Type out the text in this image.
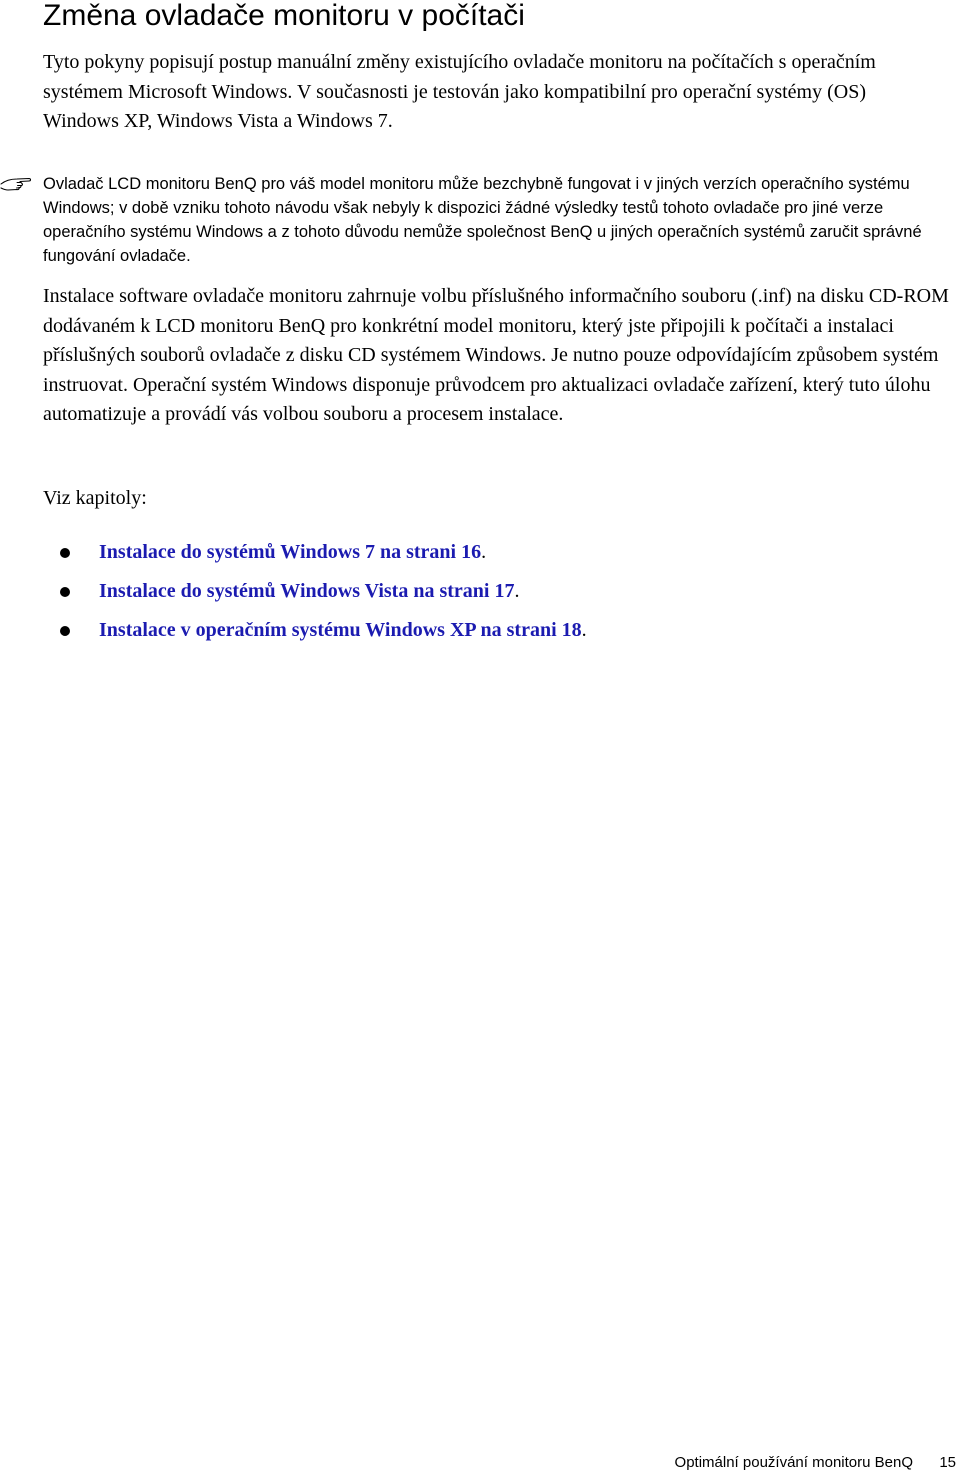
Změna ovladače monitoru v počítači

Tyto pokyny popisují postup manuální změny existujícího ovladače monitoru na počítačích s operačním systémem Microsoft Windows. V současnosti je testován jako kompatibilní pro operační systémy (OS) Windows XP, Windows Vista a Windows 7.

Ovladač LCD monitoru BenQ pro váš model monitoru může bezchybně fungovat i v jiných verzích operačního systému Windows; v době vzniku tohoto návodu však nebyly k dispozici žádné výsledky testů tohoto ovladače pro jiné verze operačního systému Windows a z tohoto důvodu nemůže společnost BenQ u jiných operačních systémů zaručit správné fungování ovladače.

Instalace software ovladače monitoru zahrnuje volbu příslušného informačního souboru (.inf) na disku CD-ROM dodávaném k LCD monitoru BenQ pro konkrétní model monitoru, který jste připojili k počítači a instalaci příslušných souborů ovladače z disku CD systémem Windows. Je nutno pouze odpovídajícím způsobem systém instruovat. Operační systém Windows disponuje průvodcem pro aktualizaci ovladače zařízení, který tuto úlohu automatizuje a provádí vás volbou souboru a procesem instalace.

Viz kapitoly:

Instalace do systémů Windows 7 na strani 16.
Instalace do systémů Windows Vista na strani 17.
Instalace v operačním systému Windows XP na strani 18.

Optimální používání monitoru BenQ 15
